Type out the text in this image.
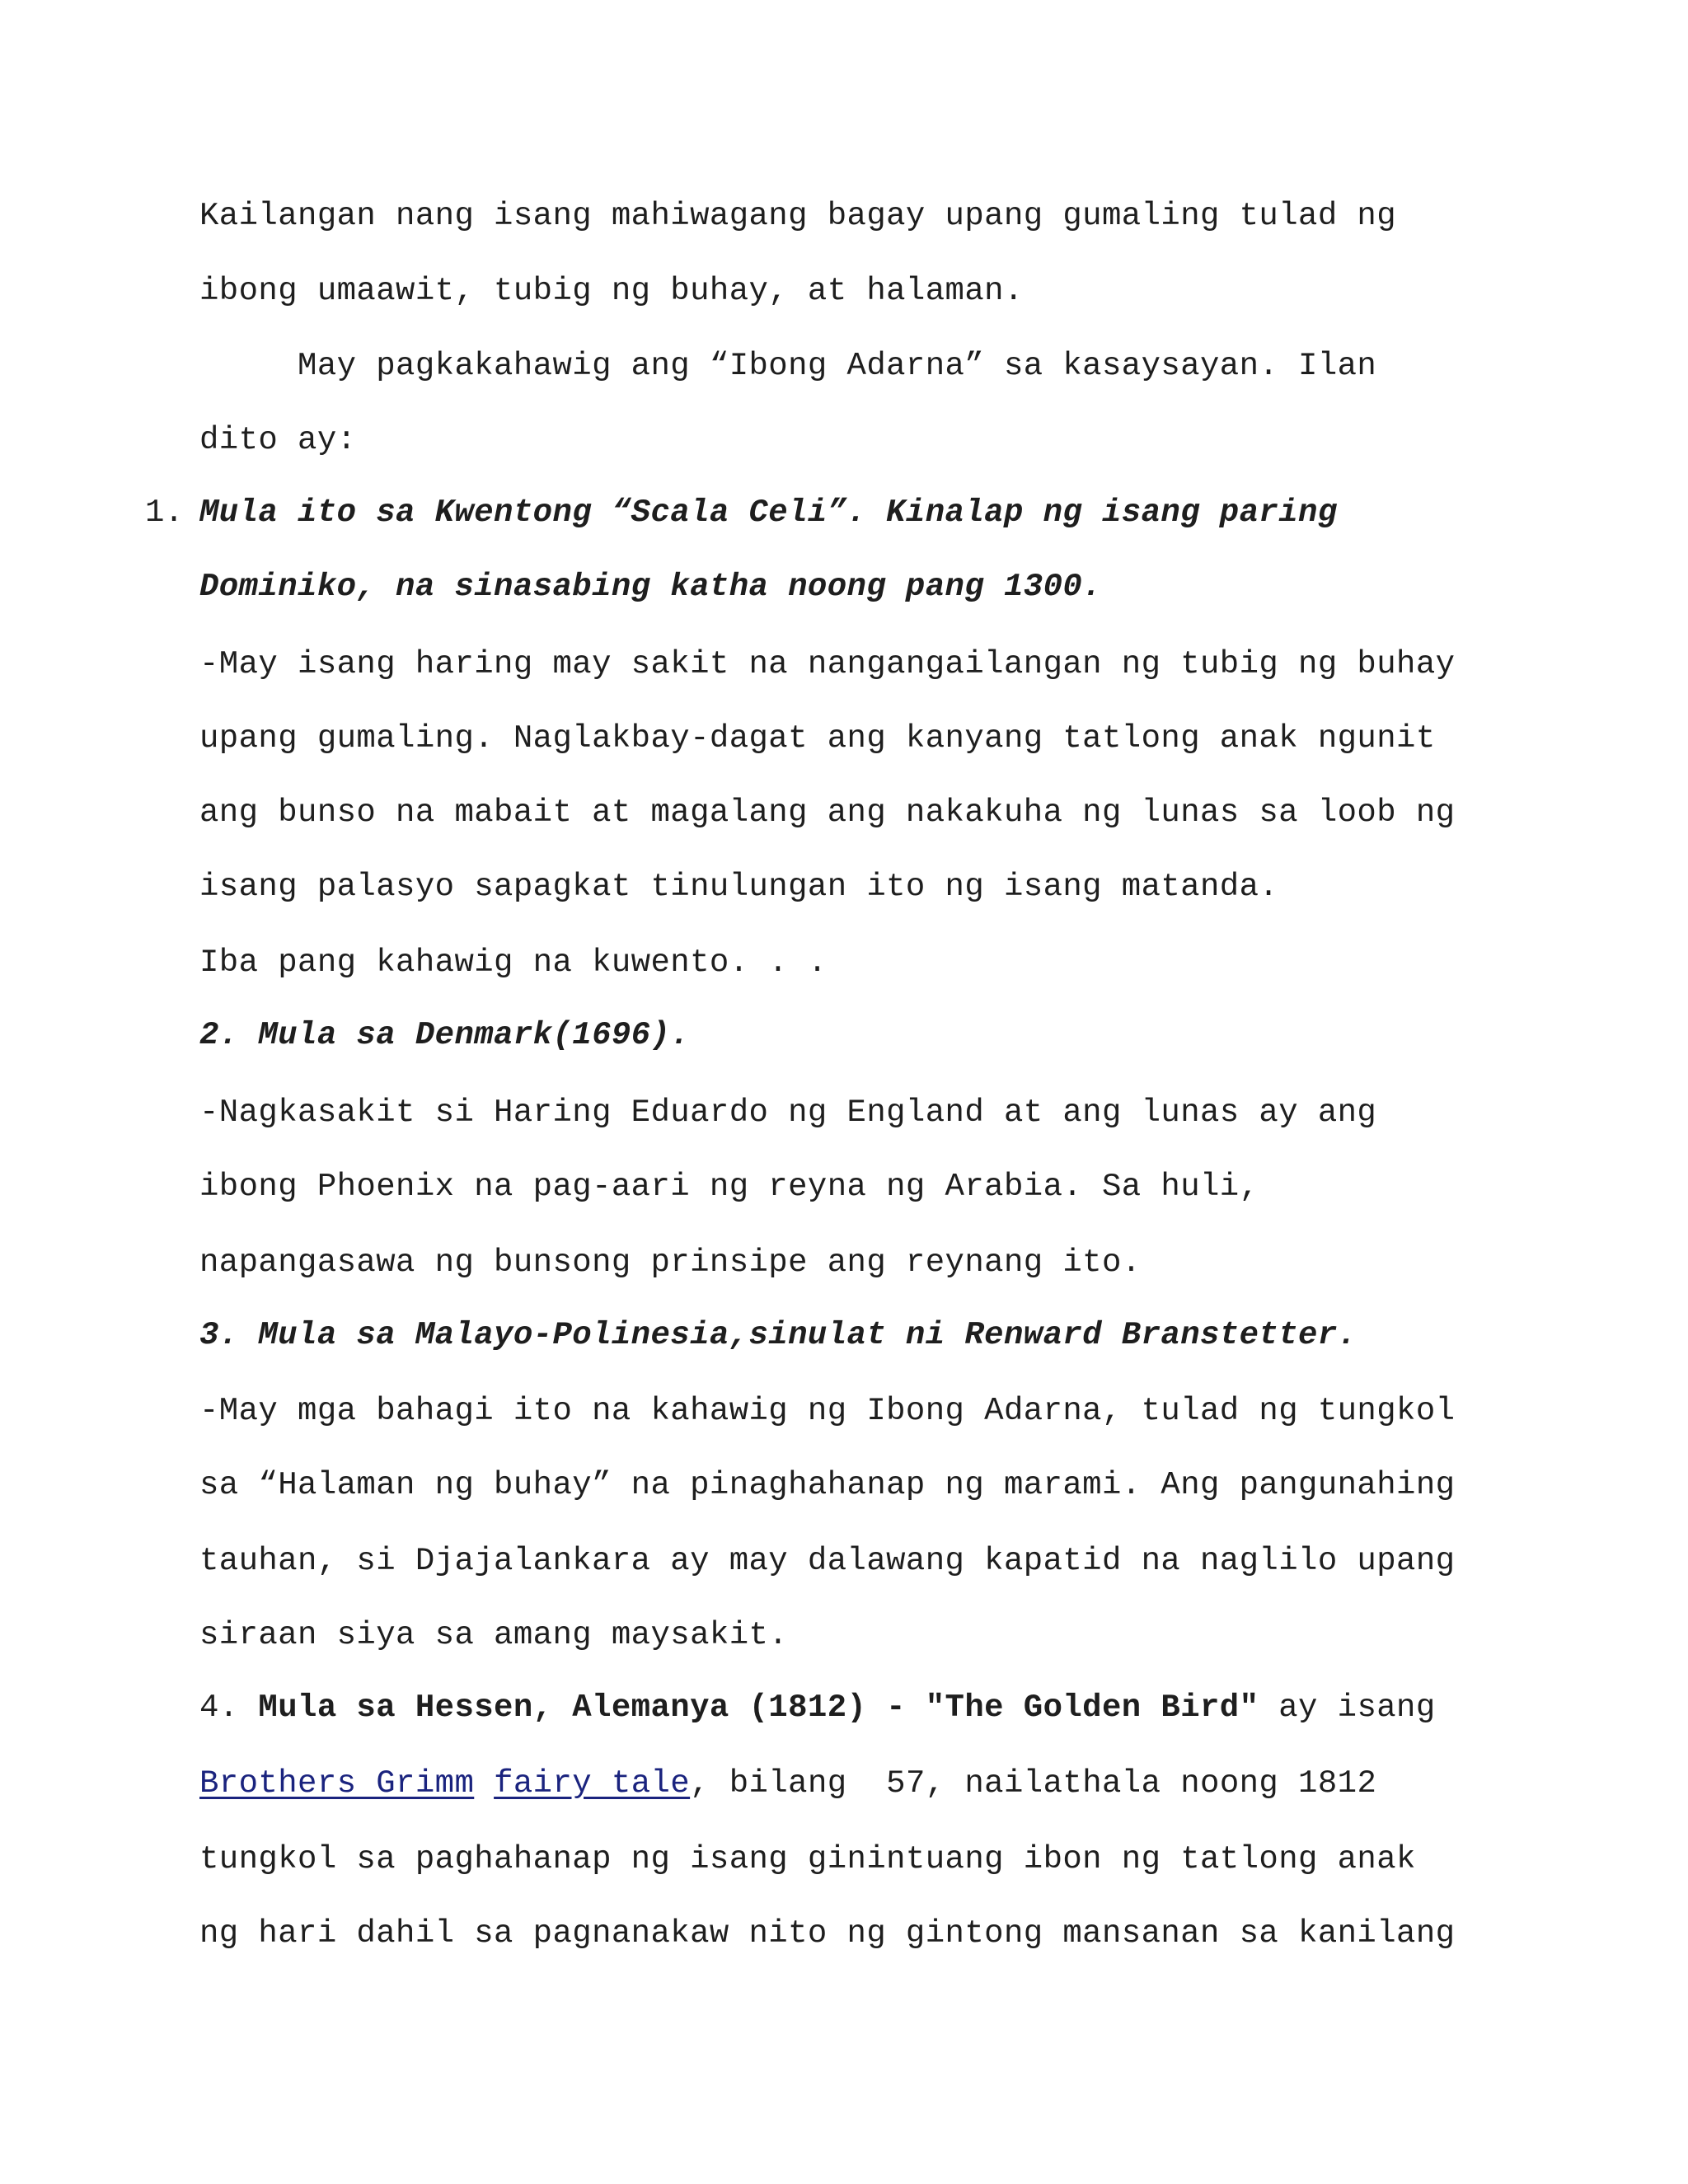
Kailangan nang isang mahiwagang bagay upang gumaling tulad ng
ibong umaawit, tubig ng buhay, at halaman.
May pagkakahawig ang “Ibong Adarna” sa kasaysayan. Ilan
dito ay:
1. Mula ito sa Kwentong “Scala Celi”. Kinalap ng isang paring
Dominiko, na sinasabing katha noong pang 1300.
-May isang haring may sakit na nangangailangan ng tubig ng buhay
upang gumaling. Naglakbay-dagat ang kanyang tatlong anak ngunit
ang bunso na mabait at magalang ang nakakuha ng lunas sa loob ng
isang palasyo sapagkat tinulungan ito ng isang matanda.
Iba pang kahawig na kuwento. . .
2. Mula sa Denmark(1696).
-Nagkasakit si Haring Eduardo ng England at ang lunas ay ang
ibong Phoenix na pag-aari ng reyna ng Arabia. Sa huli,
napangasawa ng bunsong prinsipe ang reynang ito.
3. Mula sa Malayo-Polinesia,sinulat ni Renward Branstetter.
-May mga bahagi ito na kahawig ng Ibong Adarna, tulad ng tungkol
sa “Halaman ng buhay” na pinaghahanap ng marami. Ang pangunahing
tauhan, si Djajalankara ay may dalawang kapatid na naglilo upang
siraan siya sa amang maysakit.
4. Mula sa Hessen, Alemanya (1812) - "The Golden Bird" ay isang
Brothers Grimm fairy tale, bilang  57, nailathala noong 1812
tungkol sa paghahanap ng isang ginintuang ibon ng tatlong anak
ng hari dahil sa pagnanakaw nito ng gintong mansanan sa kanilang
